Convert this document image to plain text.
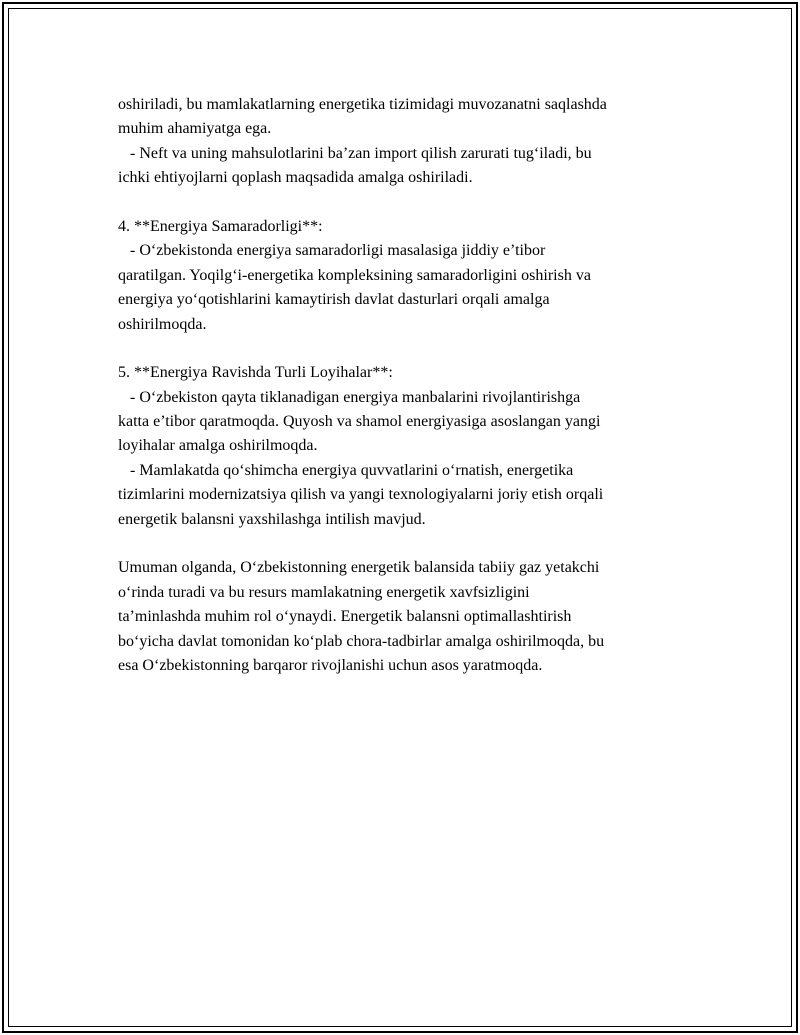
oshiriladi, bu mamlakatlarning energetika tizimidagi muvozanatni saqlashda
muhim ahamiyatga ega.
- Neft va uning mahsulotlarini ba’zan import qilish zarurati tug‘iladi, bu
ichki ehtiyojlarni qoplash maqsadida amalga oshiriladi.
4. **Energiya Samaradorligi**:
- O‘zbekistonda energiya samaradorligi masalasiga jiddiy e’tibor
qaratilgan. Yoqilg‘i-energetika kompleksining samaradorligini oshirish va
energiya yo‘qotishlarini kamaytirish davlat dasturlari orqali amalga
oshirilmoqda.
5. **Energiya Ravishda Turli Loyihalar**:
- O‘zbekiston qayta tiklanadigan energiya manbalarini rivojlantirishga
katta e’tibor qaratmoqda. Quyosh va shamol energiyasiga asoslangan yangi
loyihalar amalga oshirilmoqda.
- Mamlakatda qo‘shimcha energiya quvvatlarini o‘rnatish, energetika
tizimlarini modernizatsiya qilish va yangi texnologiyalarni joriy etish orqali
energetik balansni yaxshilashga intilish mavjud.
Umuman olganda, O‘zbekistonning energetik balansida tabiiy gaz yetakchi
o‘rinda turadi va bu resurs mamlakatning energetik xavfsizligini
ta’minlashda muhim rol o‘ynaydi. Energetik balansni optimallashtirish
bo‘yicha davlat tomonidan ko‘plab chora-tadbirlar amalga oshirilmoqda, bu
esa O‘zbekistonning barqaror rivojlanishi uchun asos yaratmoqda.
